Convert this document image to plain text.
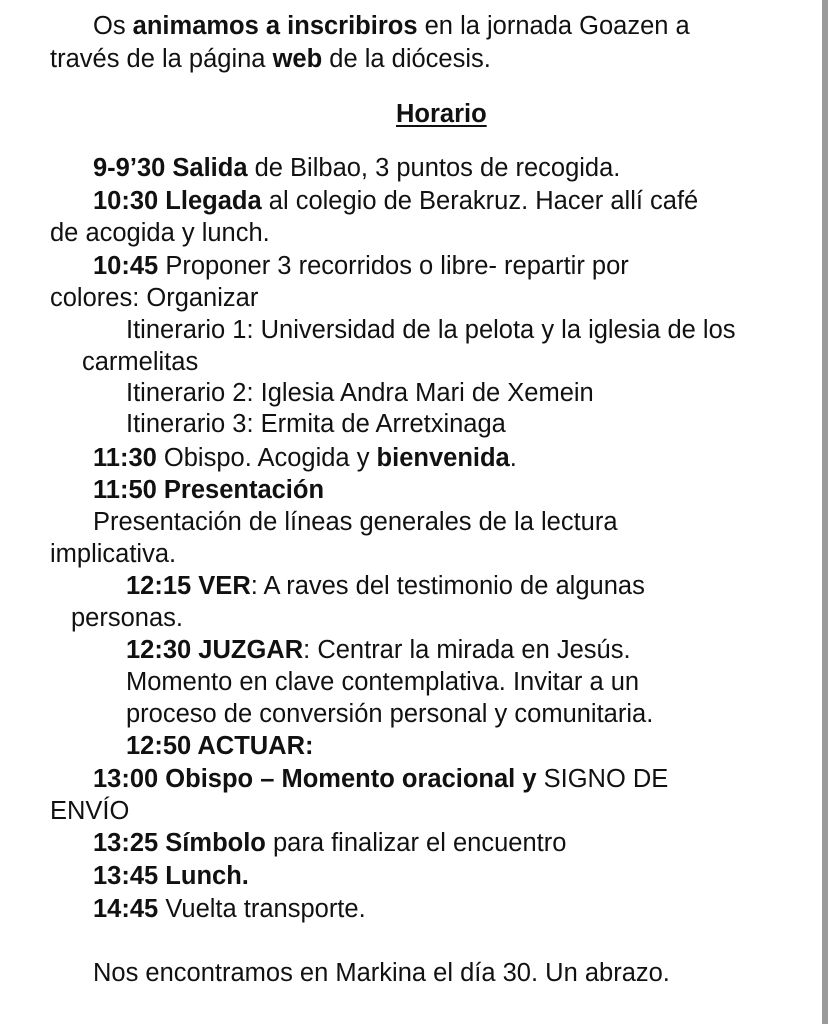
Os animamos a inscribiros en la jornada Goazen a

través de la página web de la diócesis.

Horario

9-9’30 Salida de Bilbao, 3 puntos de recogida.

10:30 Llegada al colegio de Berakruz. Hacer allí café

de acogida y lunch.

10:45 Proponer 3 recorridos o libre- repartir por

colores: Organizar

Itinerario 1: Universidad de la pelota y la iglesia de los

carmelitas

Itinerario 2: Iglesia Andra Mari de Xemein

Itinerario 3: Ermita de Arretxinaga

11:30 Obispo. Acogida y bienvenida.

11:50 Presentación

Presentación de líneas generales de la lectura

implicativa.

12:15 VER: A raves del testimonio de algunas

personas.

12:30 JUZGAR: Centrar la mirada en Jesús.

Momento en clave contemplativa. Invitar a un

proceso de conversión personal y comunitaria.

12:50 ACTUAR:

13:00 Obispo – Momento oracional y SIGNO DE

ENVÍO

13:25 Símbolo para finalizar el encuentro

13:45 Lunch.

14:45 Vuelta transporte.

Nos encontramos en Markina el día 30. Un abrazo.
